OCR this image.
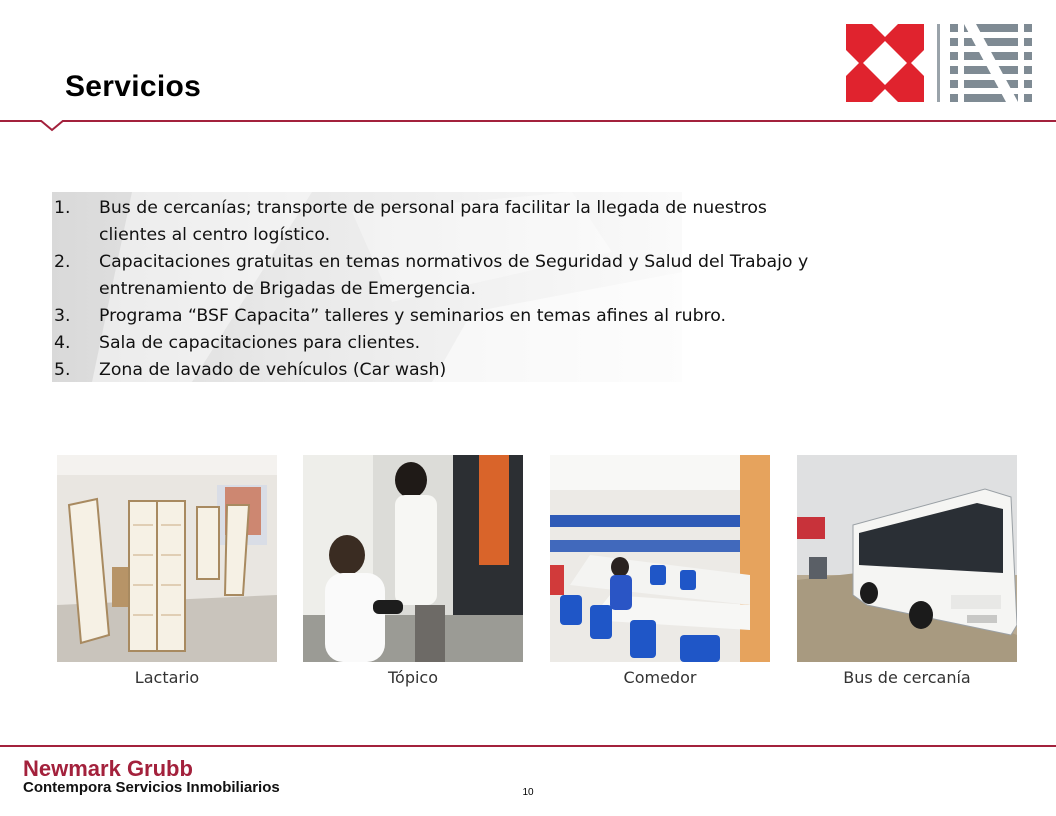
Servicios
1. Bus de cercanías; transporte de personal para facilitar la llegada de nuestros
clientes al centro logístico.
2. Capacitaciones gratuitas en temas normativos de Seguridad y Salud del Trabajo y
entrenamiento de Brigadas de Emergencia.
3. Programa “BSF Capacita” talleres y seminarios en temas afines al rubro.
4. Sala de capacitaciones para clientes.
5. Zona de lavado de vehículos (Car wash)
Lactario	Tópico	Comedor	Bus de cercanía
Newmark Grubb
Contempora Servicios Inmobiliarios	10
